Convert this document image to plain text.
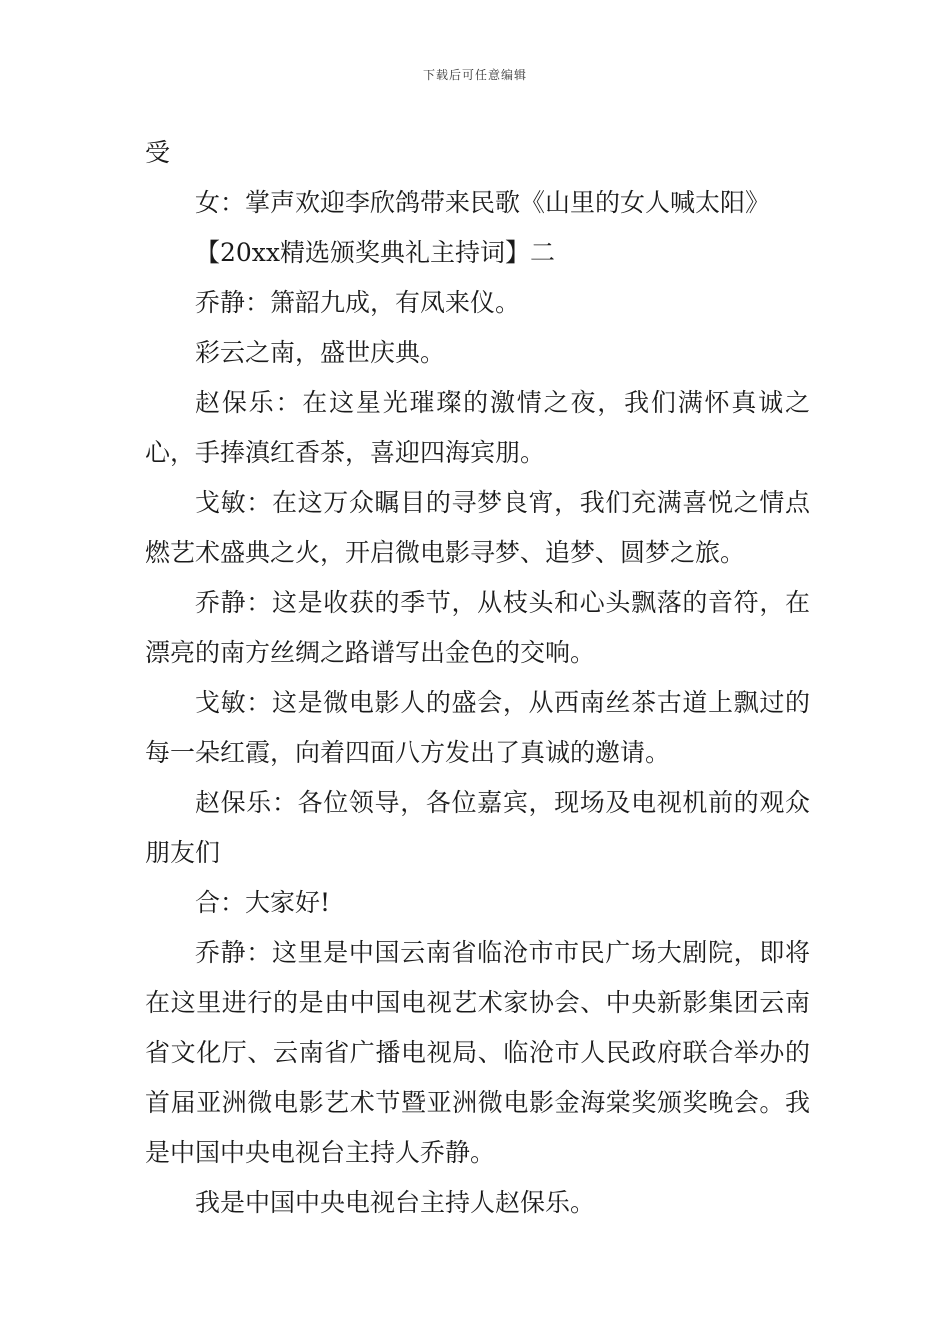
下载后可任意编辑

受

女：掌声欢迎李欣鸽带来民歌《山里的女人喊太阳》

【20xx精选颁奖典礼主持词】二

乔静：箫韶九成，有凤来仪。

彩云之南，盛世庆典。

赵保乐：在这星光璀璨的激情之夜，我们满怀真诚之心，手捧滇红香茶，喜迎四海宾朋。

戈敏：在这万众瞩目的寻梦良宵，我们充满喜悦之情点燃艺术盛典之火，开启微电影寻梦、追梦、圆梦之旅。

乔静：这是收获的季节，从枝头和心头飘落的音符，在漂亮的南方丝绸之路谱写出金色的交响。

戈敏：这是微电影人的盛会，从西南丝茶古道上飘过的每一朵红霞，向着四面八方发出了真诚的邀请。

赵保乐：各位领导，各位嘉宾，现场及电视机前的观众朋友们

合：大家好!

乔静：这里是中国云南省临沧市市民广场大剧院，即将在这里进行的是由中国电视艺术家协会、中央新影集团云南省文化厅、云南省广播电视局、临沧市人民政府联合举办的首届亚洲微电影艺术节暨亚洲微电影金海棠奖颁奖晚会。我是中国中央电视台主持人乔静。

我是中国中央电视台主持人赵保乐。
